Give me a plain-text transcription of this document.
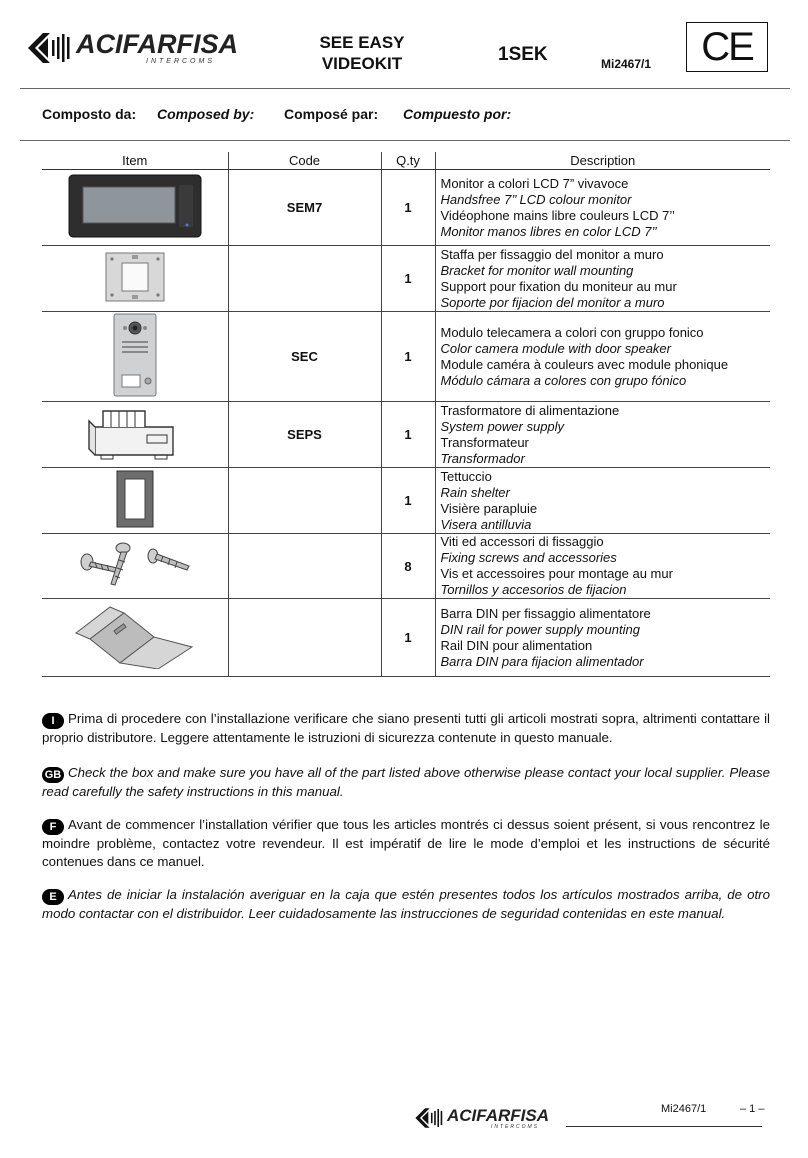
ACIFARFISA
INTERCOMS
SEE EASY
VIDEOKIT	1SEK	Mi2467/1 CE
Composto da: Composed by: Composé par: Compuesto por:
Item	Code	Q.ty	Description
	SEM7	1	Monitor a colori LCD 7” vivavoce
Handsfree 7’’ LCD colour monitor
Vidéophone mains libre couleurs LCD 7’’
Monitor manos libres en color LCD 7’’

		1	Staffa per fissaggio del monitor a muro
Bracket for monitor wall mounting
Support pour fixation du moniteur au mur
Soporte por fijacion del monitor a muro

	SEC	1	Modulo telecamera a colori con gruppo fonico
Color camera module with door speaker
Module caméra à couleurs avec module phonique
Módulo cámara a colores con grupo fónico

	SEPS	1	Trasformatore di alimentazione
System power supply
Transformateur
Transformador

		1	Tettuccio
Rain shelter
Visière parapluie
Visera antilluvia

		8	Viti ed accessori di fissaggio
Fixing screws and accessories
Vis et accessoires pour montage au mur
Tornillos y accesorios de fijacion

		1	Barra DIN per fissaggio alimentatore
DIN rail for power supply mounting
Rail DIN pour alimentation
Barra DIN para fijacion alimentador
I Prima di procedere con l’installazione verificare che siano presenti tutti gli articoli mostrati sopra, altrimenti contattare il proprio distributore. Leggere attentamente le istruzioni di sicurezza contenute in questo manuale.
GB Check the box and make sure you have all of the part listed above otherwise please contact your local supplier. Please read carefully the safety instructions in this manual.
F Avant de commencer l’installation vérifier que tous les articles montrés ci dessus soient présent, si vous rencontrez le moindre problème, contactez votre revendeur. Il est impératif de lire le mode d’emploi et les instructions de sécurité contenues dans ce manuel.
E Antes de iniciar la instalación averiguar en la caja que estén presentes todos los artículos mostrados arriba, de otro modo contactar con el distribuidor. Leer cuidadosamente las instrucciones de seguridad contenidas en este manual.
ACIFARFISA
INTERCOMS
Mi2467/1	– 1 –
